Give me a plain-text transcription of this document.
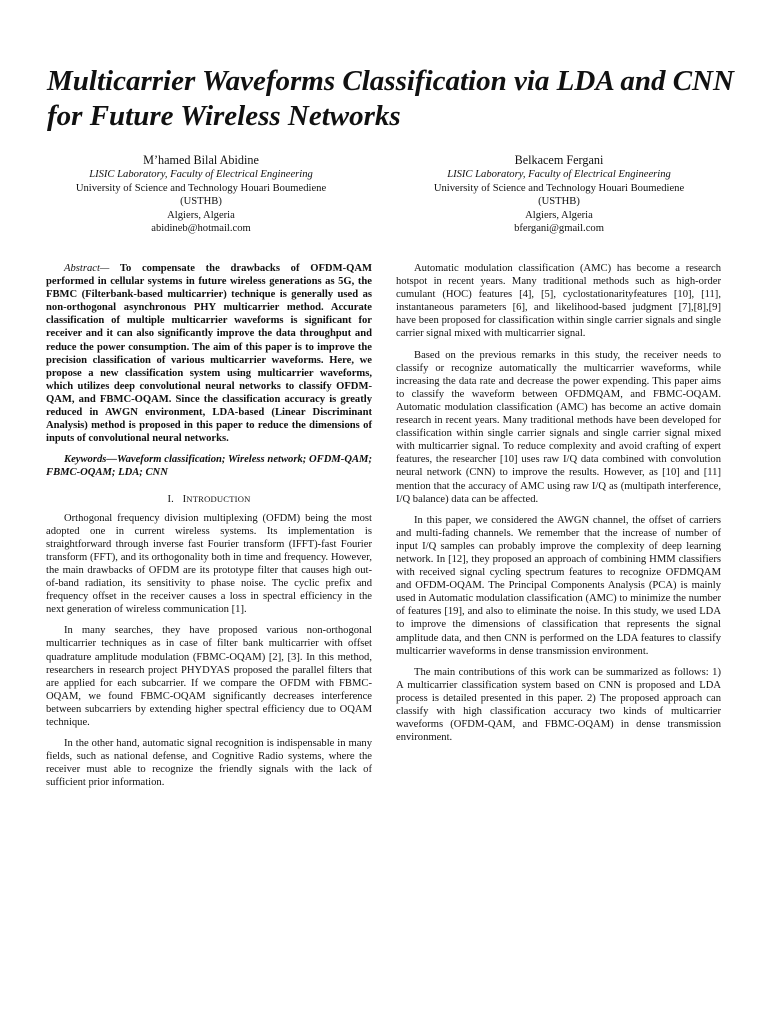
Multicarrier Waveforms Classification via LDA and CNN for Future Wireless Networks
M’hamed Bilal Abidine
LISIC Laboratory, Faculty of Electrical Engineering
University of Science and Technology Houari Boumediene
(USTHB)
Algiers, Algeria
abidineb@hotmail.com
Belkacem Fergani
LISIC Laboratory, Faculty of Electrical Engineering
University of Science and Technology Houari Boumediene
(USTHB)
Algiers, Algeria
bfergani@gmail.com

Abstract— To compensate the drawbacks of OFDM-QAM performed in cellular systems in future wireless generations as 5G, the FBMC (Filterbank-based multicarrier) technique is generally used as non-orthogonal asynchronous PHY multicarrier method. Accurate classification of multiple multicarrier waveforms is significant for receiver and it can also significantly improve the data throughput and reduce the power consumption. The aim of this paper is to improve the precision classification of various multicarrier waveforms. Here, we propose a new classification system using multicarrier waveforms, which utilizes deep convolutional neural networks to classify OFDM-QAM, and FBMC-OQAM. Since the classification accuracy is greatly reduced in AWGN environment, LDA-based (Linear Discriminant Analysis) method is proposed in this paper to reduce the dimensions of inputs of convolutional neural networks.

Keywords—Waveform classification; Wireless network; OFDM-QAM; FBMC-OQAM; LDA; CNN

I. INTRODUCTION

Orthogonal frequency division multiplexing (OFDM) being the most adopted one in current wireless systems. Its implementation is straightforward through inverse fast Fourier transform (IFFT)-fast Fourier transform (FFT), and its orthogonality both in time and frequency. However, the main drawbacks of OFDM are its prototype filter that causes high out-of-band radiation, its sensitivity to phase noise. The cyclic prefix and frequency offset in the receiver causes a loss in spectral efficiency in the next generation of wireless communication [1].

In many searches, they have proposed various non-orthogonal multicarrier techniques as in case of filter bank multicarrier with offset quadrature amplitude modulation (FBMC-OQAM) [2], [3]. In this method, researchers in research project PHYDYAS proposed the parallel filters that are applied for each subcarrier. If we compare the OFDM with FBMC-OQAM, we found FBMC-OQAM significantly decreases interference between subcarriers by extending higher spectral efficiency due to OQAM technique.

In the other hand, automatic signal recognition is indispensable in many fields, such as national defense, and Cognitive Radio systems, where the receiver must able to recognize the friendly signals with the lack of sufficient prior information.

Automatic modulation classification (AMC) has become a research hotspot in recent years. Many traditional methods such as high-order cumulant (HOC) features [4], [5], cyclostationarityfeatures [10], [11], instantaneous parameters [6], and likelihood-based judgment [7],[8],[9] have been proposed for classification within single carrier signals and single carrier signal mixed with multicarrier signal.

Based on the previous remarks in this study, the receiver needs to classify or recognize automatically the multicarrier waveforms, while increasing the data rate and decrease the power expending. This paper aims to classify the waveform between OFDMQAM, and FBMC-OQAM. Automatic modulation classification (AMC) has become an active domain research in recent years. Many traditional methods have been developed for classification within single carrier signals and single carrier signal mixed with multicarrier signal. To reduce complexity and avoid crafting of expert features, the researcher [10] uses raw I/Q data combined with convolution neural network (CNN) to improve the results. However, as [10] and [11] mention that the accuracy of AMC using raw I/Q as (multipath interference, I/Q balance) data can be affected.

In this paper, we considered the AWGN channel, the offset of carriers and multi-fading channels. We remember that the increase of number of input I/Q samples can probably improve the complexity of deep learning network. In [12], they proposed an approach of combining HMM classifiers with received signal cycling spectrum features to recognize OFDMQAM and OFDM-OQAM. The Principal Components Analysis (PCA) is mainly used in Automatic modulation classification (AMC) to minimize the number of features [19], and also to eliminate the noise. In this study, we used LDA to improve the dimensions of classification that represents the signal amplitude data, and then CNN is performed on the LDA features to classify multicarrier waveforms in dense transmission environment.

The main contributions of this work can be summarized as follows: 1) A multicarrier classification system based on CNN is proposed and LDA process is detailed presented in this paper. 2) The proposed approach can classify with high classification accuracy two kinds of multicarrier waveforms (OFDM-QAM, and FBMC-OQAM) in dense transmission environment.
